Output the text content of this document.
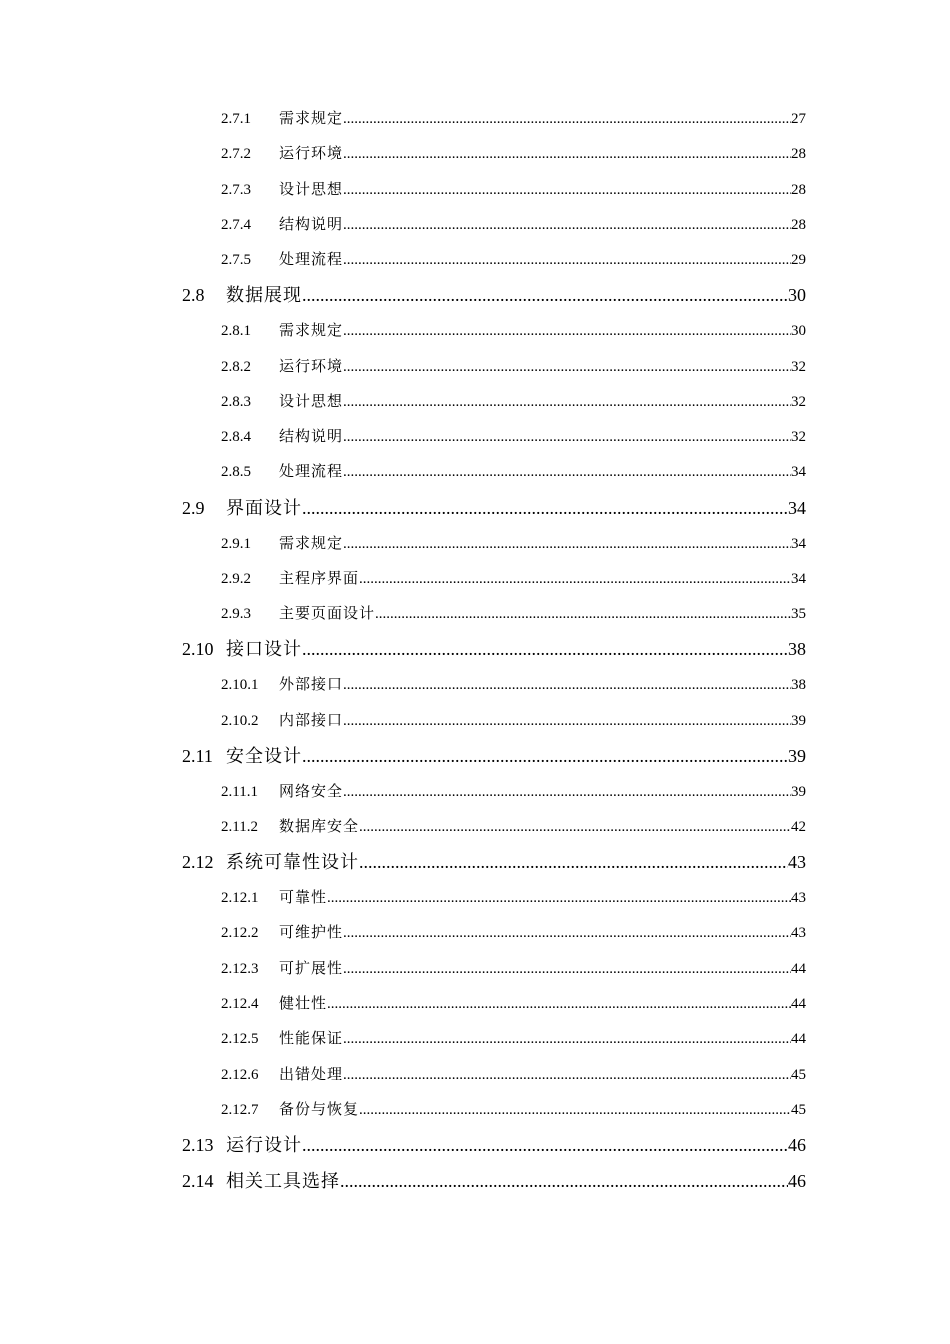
2.7.1	需求规定 .....	27
2.7.2	运行环境 .....	28
2.7.3	设计思想 .....	28
2.7.4	结构说明 .....	28
2.7.5	处理流程 .....	29
2.8	数据展现 .....	30
2.8.1	需求规定 .....	30
2.8.2	运行环境 .....	32
2.8.3	设计思想 .....	32
2.8.4	结构说明 .....	32
2.8.5	处理流程 .....	34
2.9	界面设计 .....	34
2.9.1	需求规定 .....	34
2.9.2	主程序界面 .....	34
2.9.3	主要页面设计 .....	35
2.10 接口设计 .....	38
2.10.1	外部接口 .....	38
2.10.2	内部接口 .....	39
2.11 安全设计 .....	39
2.11.1	网络安全 .....	39
2.11.2	数据库安全 .....	42
2.12 系统可靠性设计 .....	43
2.12.1	可靠性 .....	43
2.12.2	可维护性 .....	43
2.12.3	可扩展性 .....	44
2.12.4	健壮性 .....	44
2.12.5	性能保证 .....	44
2.12.6	出错处理 .....	45
2.12.7	备份与恢复 .....	45
2.13 运行设计 .....	46
2.14 相关工具选择 .....	46
